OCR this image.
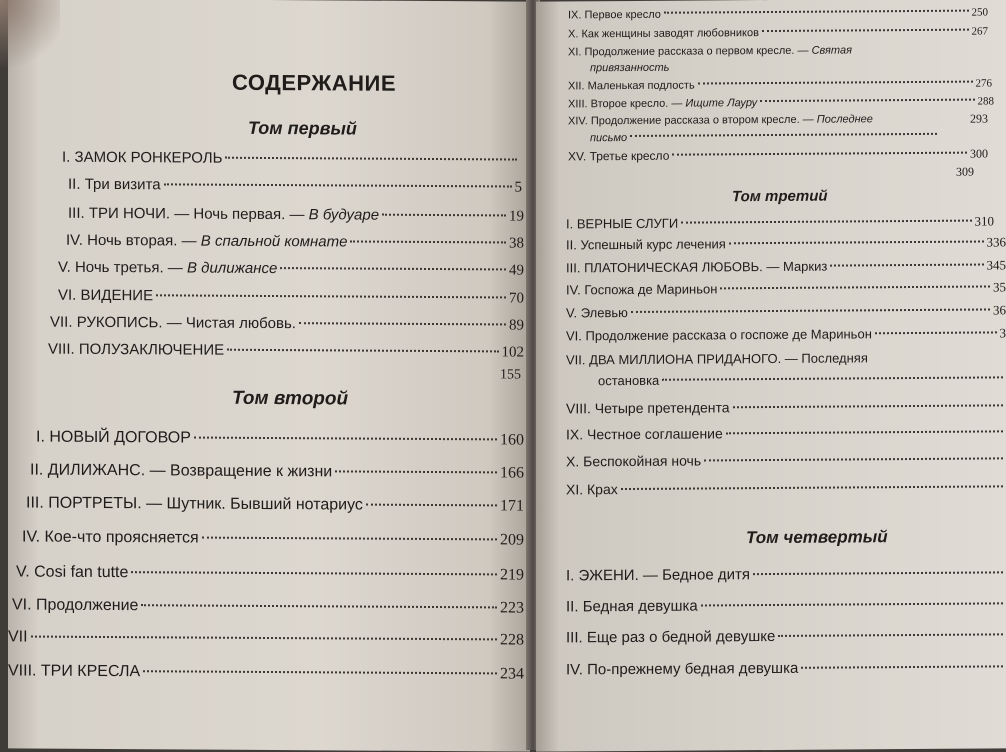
СОДЕРЖАНИЕ
Том первый
I. ЗАМОК РОНКЕРОЛЬ
II. Три визита	5
III. ТРИ НОЧИ. — Ночь первая. — В будуаре	19
IV. Ночь вторая. — В спальной комнате	38
V. Ночь третья. — В дилижансе	49
VI. ВИДЕНИЕ	70
VII. РУКОПИСЬ. — Чистая любовь.	89
VIII. ПОЛУЗАКЛЮЧЕНИЕ	102
155
Том второй
I. НОВЫЙ ДОГОВОР	160
II. ДИЛИЖАНС. — Возвращение к жизни	166
III. ПОРТРЕТЫ. — Шутник. Бывший нотариус	171
IV. Кое-что проясняется	209
V. Cosi fan tutte	219
VI. Продолжение	223
VII	228
VIII. ТРИ КРЕСЛА	234
IX. Первое кресло	250
X. Как женщины заводят любовников	267
XI. Продолжение рассказа о первом кресле. — Святая
привязанность
XII. Маленькая подлость	276
XIII. Второе кресло. — Ищите Лауру	288
XIV. Продолжение рассказа о втором кресле. — Последнее	293
письмо
XV. Третье кресло	300
309
Том третий
I. ВЕРНЫЕ СЛУГИ	310
II. Успешный курс лечения	336
III. ПЛАТОНИЧЕСКАЯ ЛЮБОВЬ. — Маркиз	345
IV. Госпожа де Мариньон	35
V. Элевью	36
VI. Продолжение рассказа о госпоже де Мариньон	3
VII. ДВА МИЛЛИОНА ПРИДАНОГО. — Последняя
остановка
VIII. Четыре претендента
IX. Честное соглашение
X. Беспокойная ночь
XI. Крах
Том четвертый
I. ЭЖЕНИ. — Бедное дитя
II. Бедная девушка
III. Еще раз о бедной девушке
IV. По-прежнему бедная девушка
